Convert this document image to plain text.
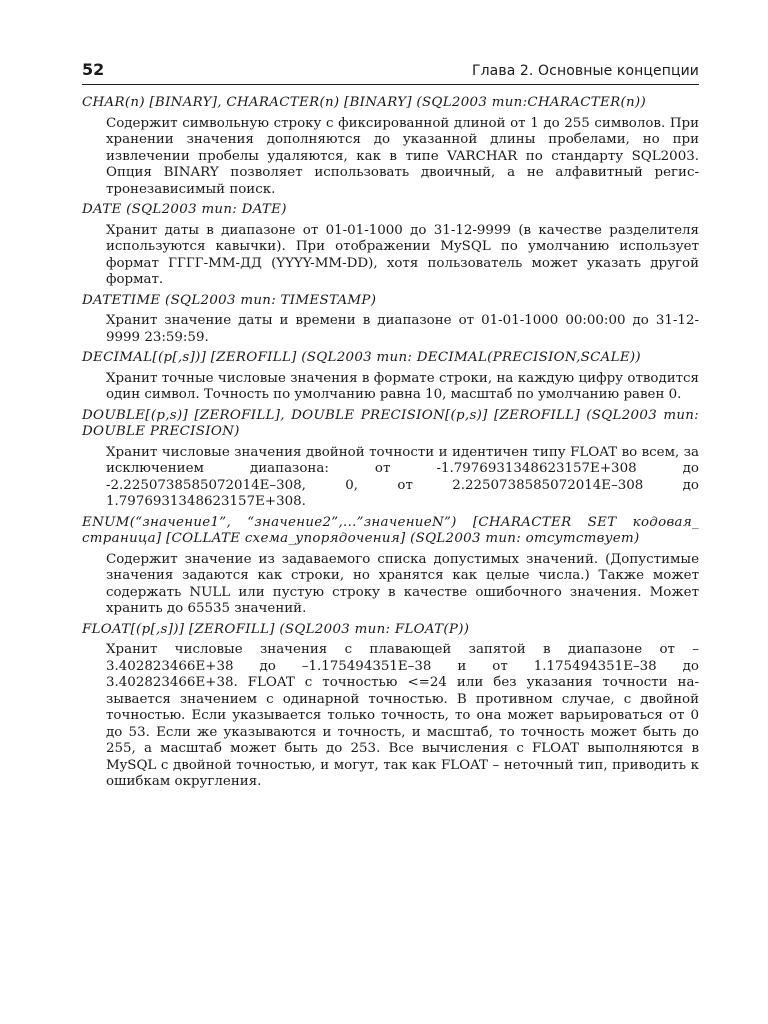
52	Глава 2. Основные концепции
CHAR(n) [BINARY], CHARACTER(n) [BINARY] (SQL2003 тип:CHARACTER(n))
Содержит символьную строку с фиксированной длиной от 1 до 255 символов. При хранении значения дополняются до указанной длины пробелами, но при извлечении пробелы удаляются, как в типе VARCHAR по стандарту SQL2003. Опция BINARY позволяет использовать двоичный, а не алфавитный регистронезависимый поиск.
DATE (SQL2003 тип: DATE)
Хранит даты в диапазоне от 01-01-1000 до 31-12-9999 (в качестве разделителя используются кавычки). При отображении MySQL по умолчанию использует формат ГГГГ-ММ-ДД (YYYY-MM-DD), хотя пользователь может указать другой формат.
DATETIME (SQL2003 тип: TIMESTAMP)
Хранит значение даты и времени в диапазоне от 01-01-1000 00:00:00 до 31-12-9999 23:59:59.
DECIMAL[(p[,s])] [ZEROFILL] (SQL2003 тип: DECIMAL(PRECISION,SCALE))
Хранит точные числовые значения в формате строки, на каждую цифру отводится один символ. Точность по умолчанию равна 10, масштаб по умолчанию равен 0.
DOUBLE[(p,s)] [ZEROFILL], DOUBLE PRECISION[(p,s)] [ZEROFILL] (SQL2003 тип: DOUBLE PRECISION)
Хранит числовые значения двойной точности и идентичен типу FLOAT во всем, за исключением диапазона: от -1.7976931348623157E+308 до -2.2250738585072014E–308, 0, от 2.2250738585072014E–308 до 1.7976931348623157E+308.
ENUM(“значение1”, “значение2”,...”значениеN”) [CHARACTER SET кодовая_ страница] [COLLATE схема_упорядочения] (SQL2003 тип: отсутствует)
Содержит значение из задаваемого списка допустимых значений. (Допустимые значения задаются как строки, но хранятся как целые числа.) Также может содержать NULL или пустую строку в качестве ошибочного значения. Может хранить до 65535 значений.
FLOAT[(p[,s])] [ZEROFILL] (SQL2003 тип: FLOAT(P))
Хранит числовые значения с плавающей запятой в диапазоне от –3.402823466E+38 до –1.175494351E–38 и от 1.175494351E–38 до 3.402823466E+38. FLOAT с точностью <=24 или без указания точности называется значением с одинарной точностью. В противном случае, с двойной точностью. Если указывается только точность, то она может варьироваться от 0 до 53. Если же указываются и точность, и масштаб, то точность может быть до 255, а масштаб может быть до 253. Все вычисления с FLOAT выполняются в MySQL с двойной точностью, и могут, так как FLOAT – неточный тип, приводить к ошибкам округления.
